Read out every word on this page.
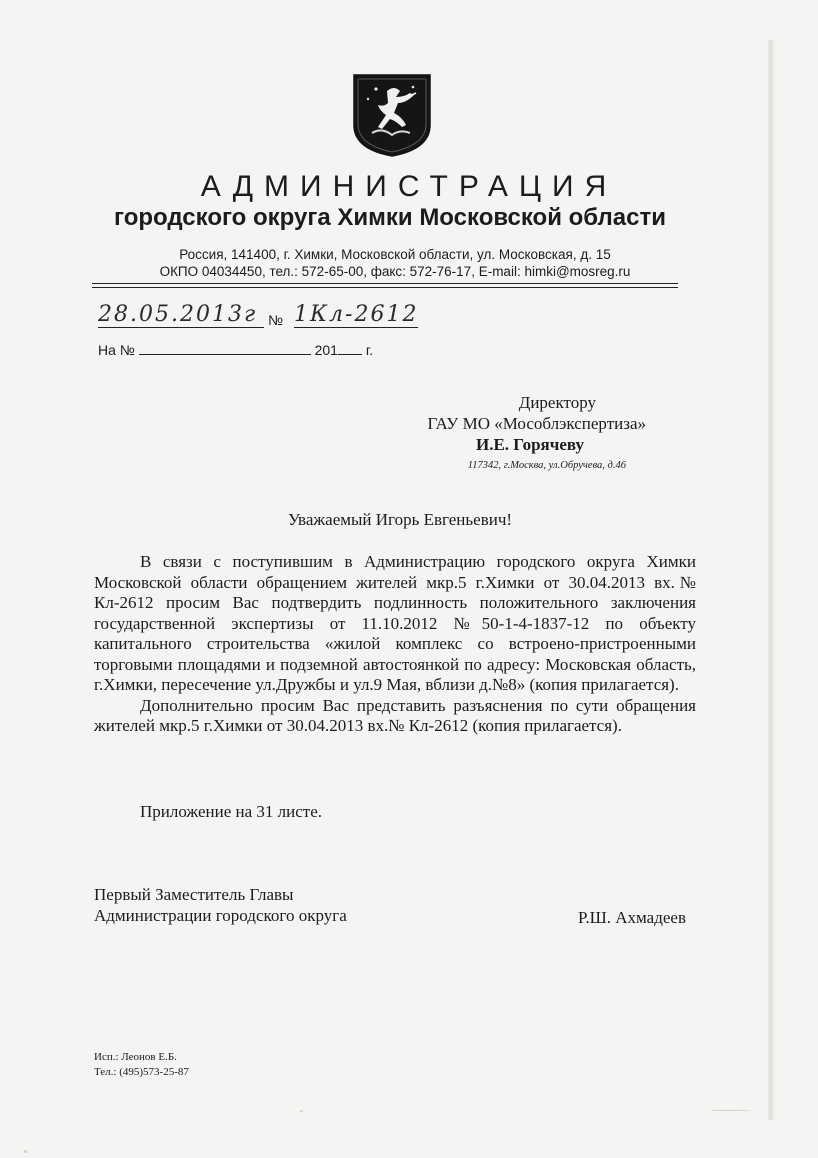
АДМИНИСТРАЦИЯ
городского округа Химки Московской области
Россия, 141400, г. Химки, Московской области, ул. Московская, д. 15
ОКПО 04034450, тел.: 572-65-00, факс: 572-76-17, E-mail: himki@mosreg.ru
28.05.2013г № 1Кл-2612
На №	201 г.
Директору
ГАУ МО «Мособлэкспертиза»
И.Е. Горячеву
117342, г.Москва, ул.Обручева, д.46
Уважаемый Игорь Евгеньевич!

В связи с поступившим в Администрацию городского округа Химки Московской области обращением жителей мкр.5 г.Химки от 30.04.2013 вх.№ Кл-2612 просим Вас подтвердить подлинность положительного заключения государственной экспертизы от 11.10.2012 №50-1-4-1837-12 по объекту капитального строительства «жилой комплекс со встроено-пристроенными торговыми площадями и подземной автостоянкой по адресу: Московская область, г.Химки, пересечение ул.Дружбы и ул.9 Мая, вблизи д.№8» (копия прилагается).

Дополнительно просим Вас представить разъяснения по сути обращения жителей мкр.5 г.Химки от 30.04.2013 вх.№ Кл-2612 (копия прилагается).

Приложение на 31 листе.
Первый Заместитель Главы
Администрации городского округа	Р.Ш. Ахмадеев
Исп.: Леонов Е.Б.
Тел.: (495)573-25-87
